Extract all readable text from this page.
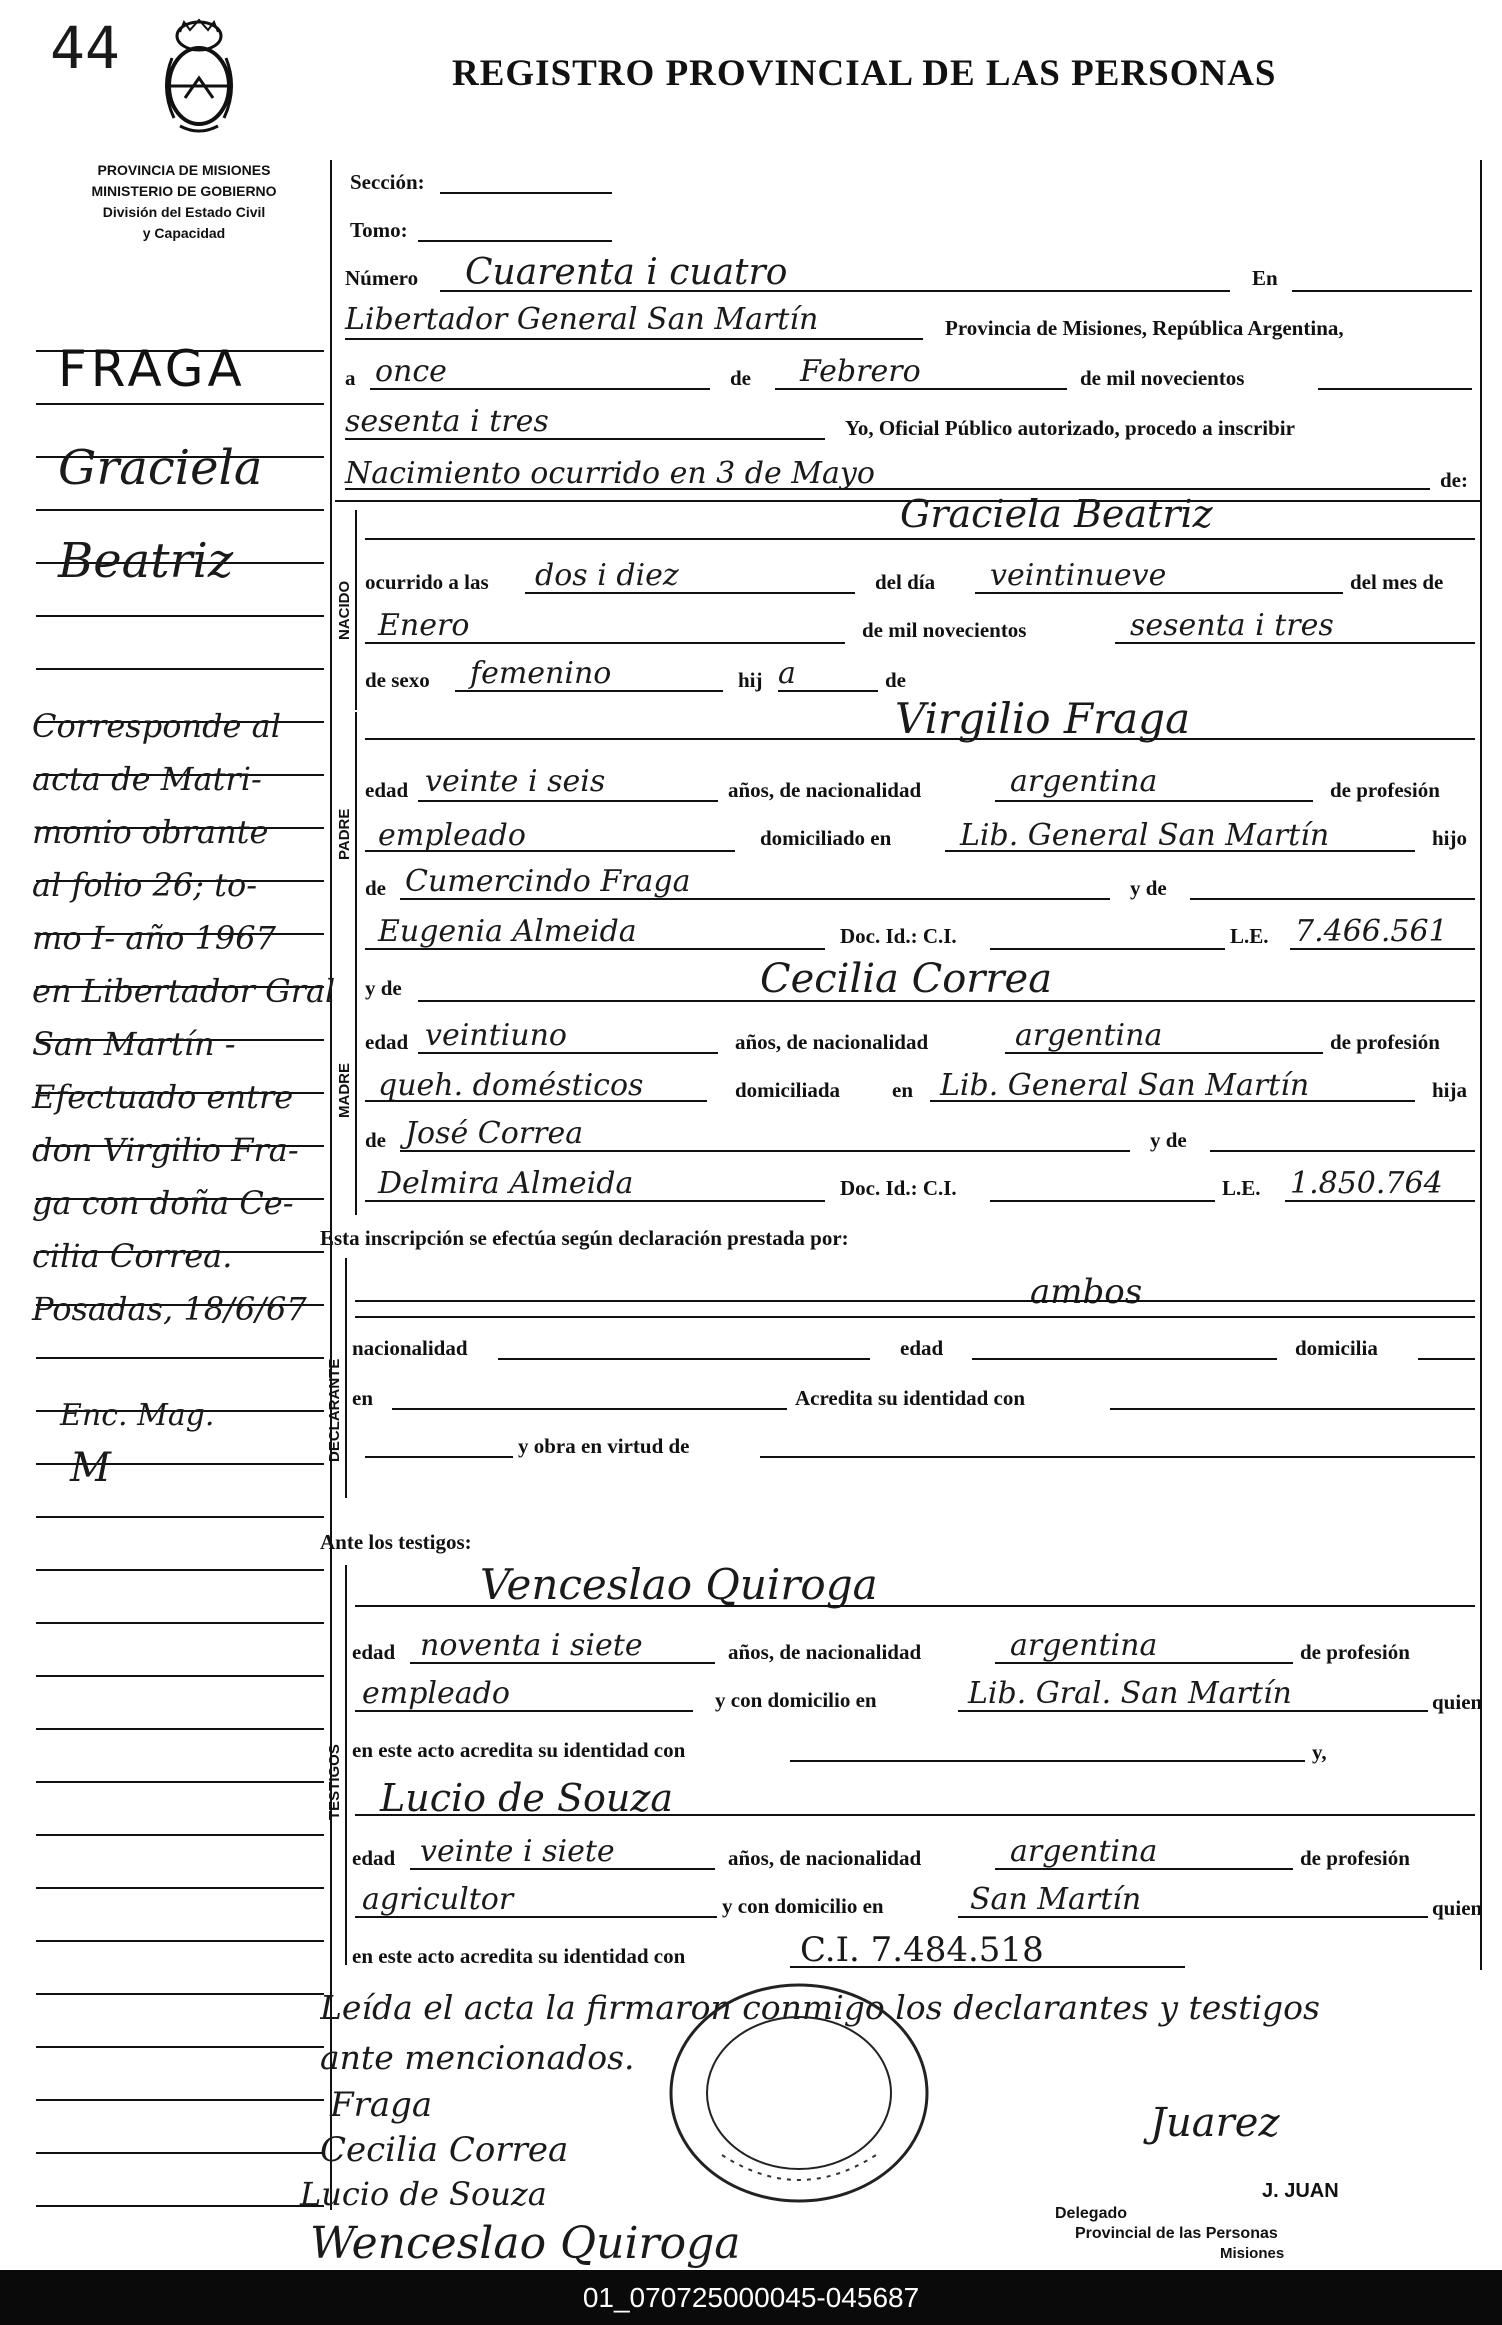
44	REGISTRO PROVINCIAL DE LAS PERSONAS
PROVINCIA DE MISIONES
MINISTERIO DE GOBIERNO
División del Estado Civil
y Capacidad
FRAGA
Graciela
Beatriz
Corresponde al
acta de Matri-
monio obrante
al folio 26; to-
mo I- año 1967
en Libertador Gral
San Martín -
Efectuado entre
don Virgilio Fra-
ga con doña Ce-
cilia Correa.
Posadas, 18/6/67
Enc. Mag.
M
Sección:
Tomo:
Número Cuarenta i cuatro	En
Libertador General San Martín	Provincia de Misiones, República Argentina,
a once	de Febrero	de mil novecientos
sesenta i tres	Yo, Oficial Público autorizado, procedo a inscribir
Nacimiento ocurrido en 3 de Mayo	de:
NACIDO
Graciela Beatriz
ocurrido a las dos i diez	del día veintinueve	del mes de
Enero	de mil novecientos	sesenta i tres
de sexo femenino	hij a	de
PADRE
Virgilio Fraga
edad veinte i seis	años, de nacionalidad	argentina	de profesión
empleado	domiciliado en Lib. General San Martín	hijo
de Cumercindo Fraga	y de
Eugenia Almeida	Doc. Id.: C.I.	L.E. 7.466.561
MADRE
y de	Cecilia Correa
edad veintiuno	años, de nacionalidad	argentina	de profesión
queh. domésticos	domiciliada en Lib. General San Martín	hija
de José Correa	y de
Delmira Almeida	Doc. Id.: C.I.	L.E. 1.850.764
Esta inscripción se efectúa según declaración prestada por:
DECLARANTE
ambos
nacionalidad	edad	domicilia
en	Acredita su identidad con
y obra en virtud de
Ante los testigos:
TESTIGOS
Venceslao Quiroga
edad noventa i siete	años, de nacionalidad	argentina	de profesión
empleado	y con domicilio en	Lib. Gral. San Martín	quien
en este acto acredita su identidad con	y,
Lucio de Souza
edad veinte i siete	años, de nacionalidad	argentina	de profesión
agricultor	y con domicilio en	San Martín	quien
en este acto acredita su identidad con	C.I. 7.484.518
Leída el acta la firmaron conmigo los declarantes y testigos
ante mencionados.
Fraga
Cecilia Correa
Lucio de Souza
Wenceslao Quiroga
Juarez
J. JUAN
Delegado
Provincial de las Personas
Misiones
01_070725000045-045687
